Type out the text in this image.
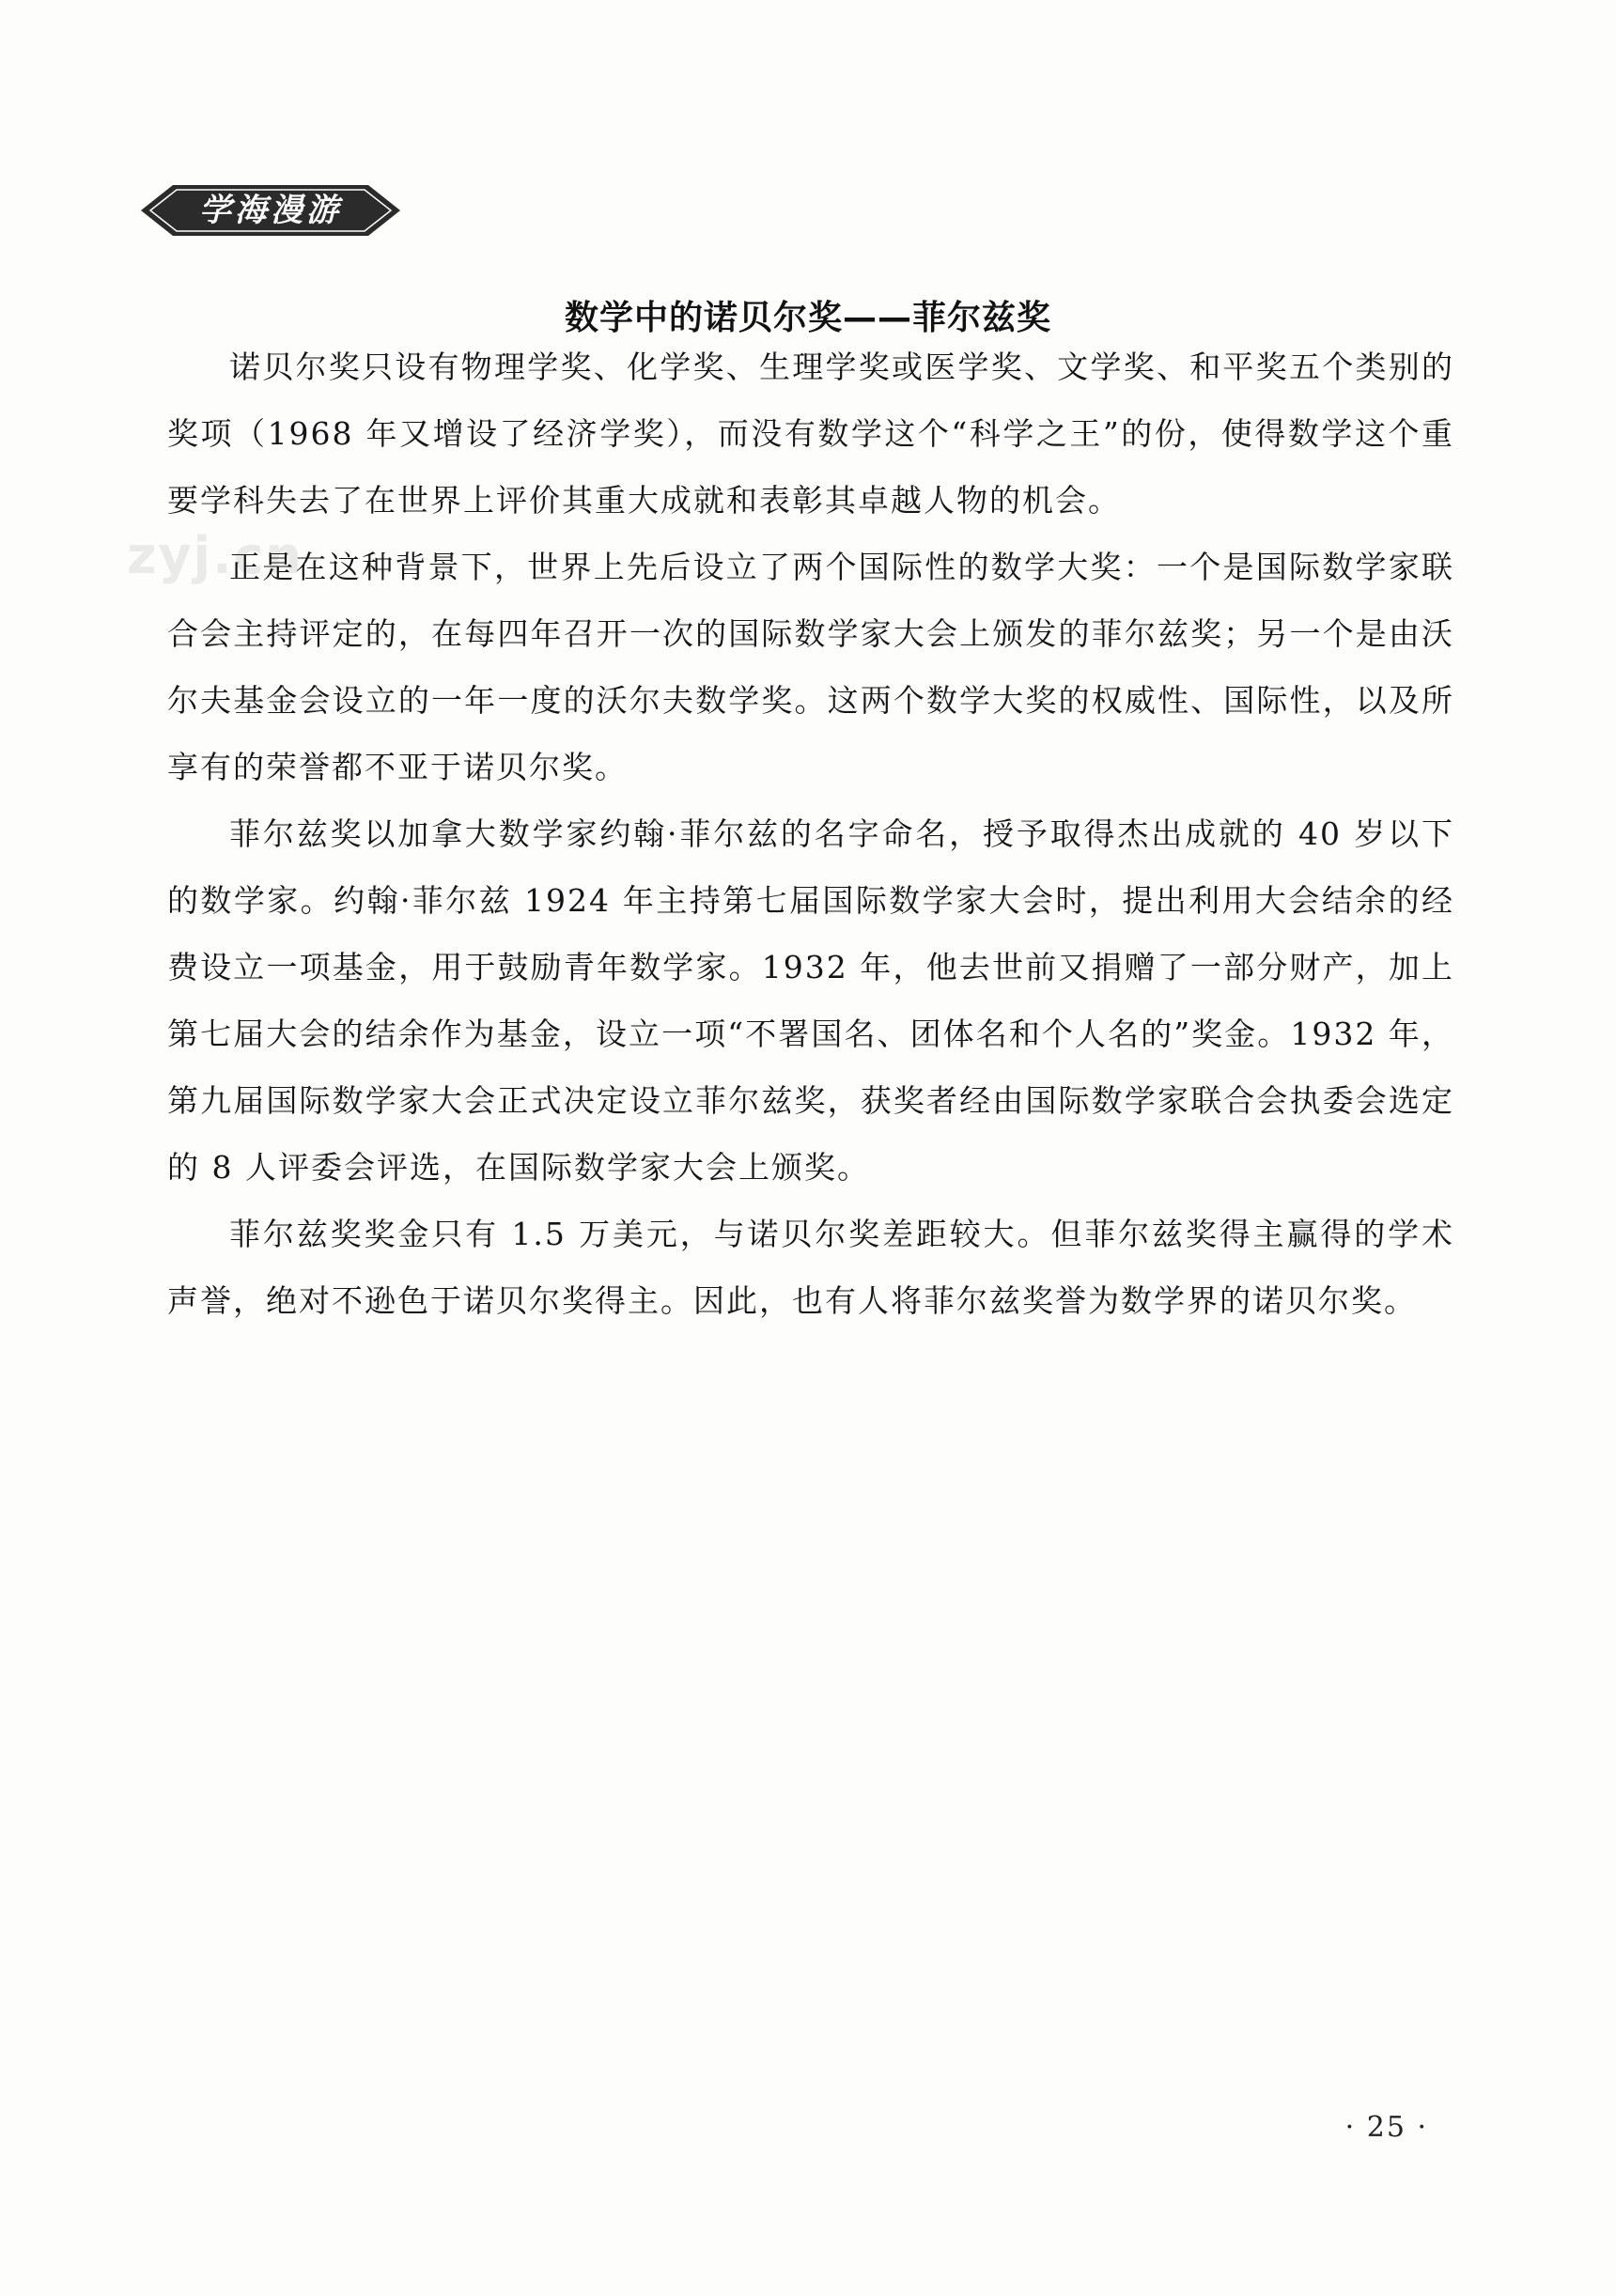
学海漫游
zyj.cn
数学中的诺贝尔奖——菲尔兹奖

诺贝尔奖只设有物理学奖、化学奖、生理学奖或医学奖、文学奖、和平奖五个类别的奖项（1968 年又增设了经济学奖），而没有数学这个“科学之王”的份，使得数学这个重要学科失去了在世界上评价其重大成就和表彰其卓越人物的机会。

正是在这种背景下，世界上先后设立了两个国际性的数学大奖：一个是国际数学家联合会主持评定的，在每四年召开一次的国际数学家大会上颁发的菲尔兹奖；另一个是由沃尔夫基金会设立的一年一度的沃尔夫数学奖。这两个数学大奖的权威性、国际性，以及所享有的荣誉都不亚于诺贝尔奖。

菲尔兹奖以加拿大数学家约翰·菲尔兹的名字命名，授予取得杰出成就的 40 岁以下的数学家。约翰·菲尔兹 1924 年主持第七届国际数学家大会时，提出利用大会结余的经费设立一项基金，用于鼓励青年数学家。1932 年，他去世前又捐赠了一部分财产，加上第七届大会的结余作为基金，设立一项“不署国名、团体名和个人名的”奖金。1932 年，第九届国际数学家大会正式决定设立菲尔兹奖，获奖者经由国际数学家联合会执委会选定的 8 人评委会评选，在国际数学家大会上颁奖。

菲尔兹奖奖金只有 1.5 万美元，与诺贝尔奖差距较大。但菲尔兹奖得主赢得的学术声誉，绝对不逊色于诺贝尔奖得主。因此，也有人将菲尔兹奖誉为数学界的诺贝尔奖。

· 25 ·
